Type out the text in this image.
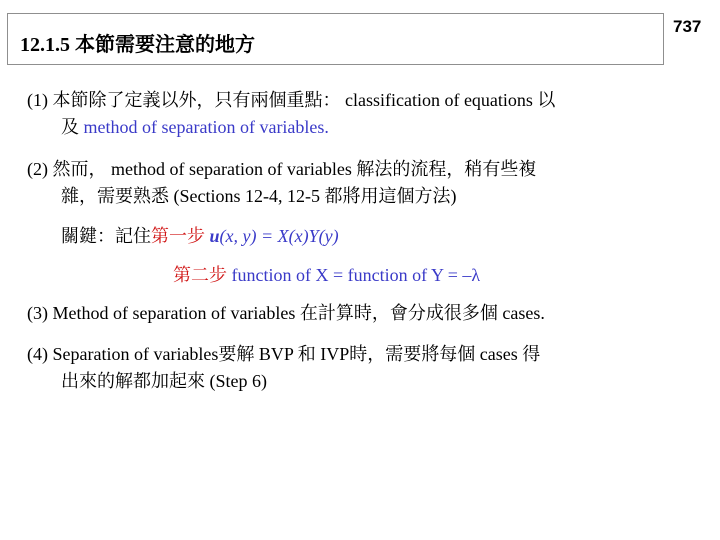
12.1.5 本節需要注意的地方
737
(1) 本節除了定義以外，只有兩個重點： classification of equations 以
及 method of separation of variables.
(2) 然而， method of separation of variables 解法的流程，稍有些複
雜，需要熟悉 (Sections 12-4, 12-5 都將用這個方法)
關鍵：記住第一步 u(x, y) = X(x)Y(y)
第二步 function of X = function of Y = –λ
(3) Method of separation of variables 在計算時，會分成很多個 cases.
(4) Separation of variables要解 BVP 和 IVP時，需要將每個 cases 得
出來的解都加起來 (Step 6)
